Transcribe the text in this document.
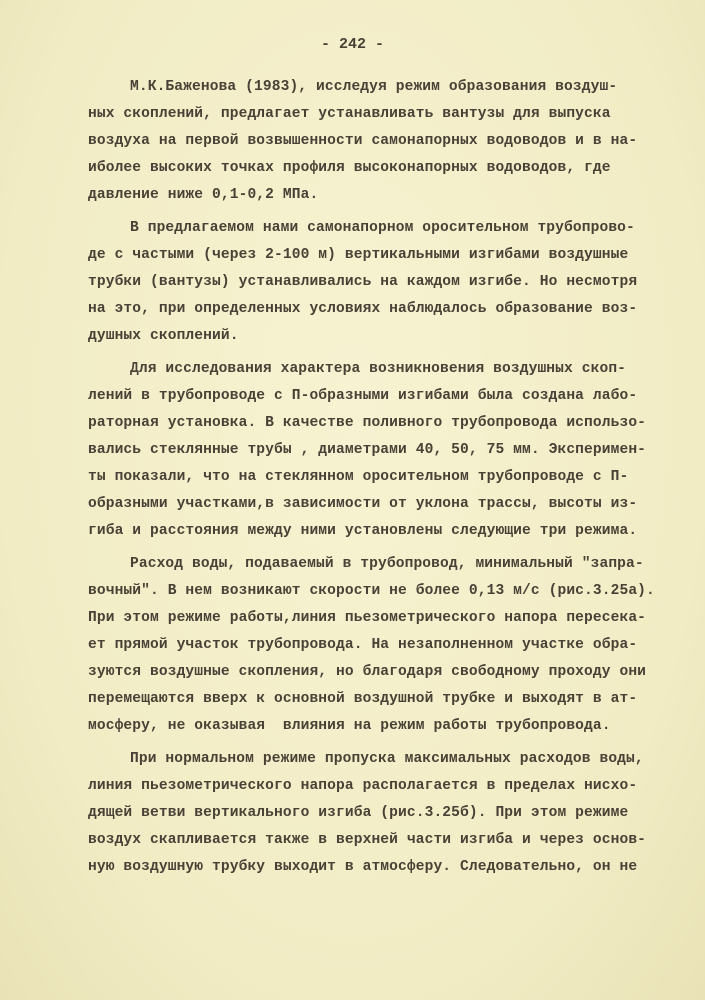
- 242 -
М.К.Баженова (1983), исследуя режим образования воздуш-
ных скоплений, предлагает устанавливать вантузы для выпуска
воздуха на первой возвышенности самонапорных водоводов и в на-
иболее высоких точках профиля высоконапорных водоводов, где
давление ниже 0,1-0,2 МПа.
В предлагаемом нами самонапорном оросительном трубопрово-
де с частыми (через 2-100 м) вертикальными изгибами воздушные
трубки (вантузы) устанавливались на каждом изгибе. Но несмотря
на это, при определенных условиях наблюдалось образование воз-
душных скоплений.
Для исследования характера возникновения воздушных скоп-
лений в трубопроводе с П-образными изгибами была создана лабо-
раторная установка. В качестве поливного трубопровода использо-
вались стеклянные трубы , диаметрами 40, 50, 75 мм. Эксперимен-
ты показали, что на стеклянном оросительном трубопроводе с П-
образными участками,в зависимости от уклона трассы, высоты из-
гиба и расстояния между ними установлены следующие три режима.
Расход воды, подаваемый в трубопровод, минимальный "запра-
вочный". В нем возникают скорости не более 0,13 м/с (рис.3.25а).
При этом режиме работы,линия пьезометрического напора пересека-
ет прямой участок трубопровода. На незаполненном участке обра-
зуются воздушные скопления, но благодаря свободному проходу они
перемещаются вверх к основной воздушной трубке и выходят в ат-
мосферу, не оказывая  влияния на режим работы трубопровода.
При нормальном режиме пропуска максимальных расходов воды,
линия пьезометрического напора располагается в пределах нисхо-
дящей ветви вертикального изгиба (рис.3.25б). При этом режиме
воздух скапливается также в верхней части изгиба и через основ-
ную воздушную трубку выходит в атмосферу. Следовательно, он не
